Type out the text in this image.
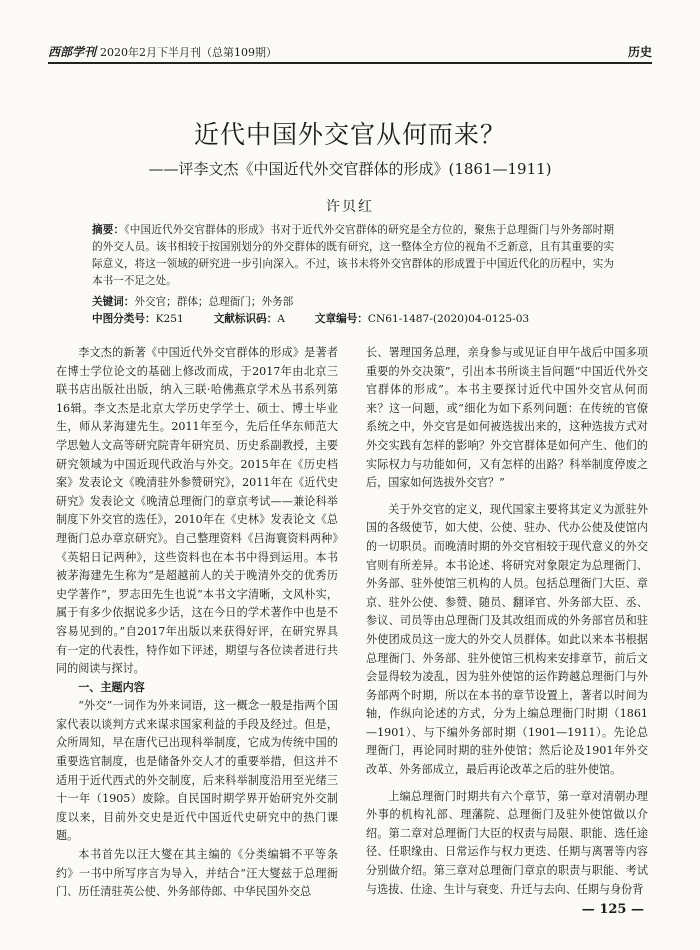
西部学刊 2020年2月下半月刊（总第109期）	历史
近代中国外交官从何而来？
——评李文杰《中国近代外交官群体的形成》(1861—1911)
许贝红
摘要：《中国近代外交官群体的形成》书对于近代外交官群体的研究是全方位的，聚焦于总理衙门与外务部时期的外交人员。该书相较于按国别划分的外交群体的既有研究，这一整体全方位的视角不乏新意，且有其重要的实际意义，将这一领域的研究进一步引向深入。不过，该书未将外交官群体的形成置于中国近代化的历程中，实为本书一不足之处。
关键词：外交官；群体；总理衙门；外务部
中图分类号：K251	文献标识码：A	文章编号：CN61-1487-(2020)04-0125-03

李文杰的新著《中国近代外交官群体的形成》是著者在博士学位论文的基础上修改而成，于2017年由北京三联书店出版社出版，纳入三联·哈佛燕京学术丛书系列第16辑。李文杰是北京大学历史学学士、硕士、博士毕业生，师从茅海建先生。2011年至今，先后任华东师范大学思勉人文高等研究院青年研究员、历史系副教授，主要研究领域为中国近现代政治与外交。2015年在《历史档案》发表论文《晚清驻外参赞研究》，2011年在《近代史研究》发表论文《晚清总理衙门的章京考试——兼论科举制度下外交官的选任》，2010年在《史林》发表论文《总理衙门总办章京研究》。自己整理资料《吕海寰资料两种》《英轺日记两种》，这些资料也在本书中得到运用。本书被茅海建先生称为“是超越前人的关于晚清外交的优秀历史学著作”，罗志田先生也说“本书文字清晰，文风朴实，属于有多少依据说多少话，这在今日的学术著作中也是不容易见到的。”自2017年出版以来获得好评，在研究界具有一定的代表性，特作如下评述，期望与各位读者进行共同的阅读与探讨。

一、主题内容

“外交”一词作为外来词语，这一概念一般是指两个国家代表以谈判方式来谋求国家利益的手段及经过。但是，众所周知，早在唐代已出现科举制度，它成为传统中国的重要选官制度，也是储备外交人才的重要举措，但这并不适用于近代西式的外交制度，后来科举制度沿用至光绪三十一年（1905）废除。自民国时期学界开始研究外交制度以来，目前外交史是近代中国近代史研究中的热门课题。

本书首先以汪大燮在其主编的《分类编辑不平等条约》一书中所写序言为导入，并结合“汪大燮兹于总理衙门、历任清驻英公使、外务部侍郎、中华民国外交总

长、署理国务总理，亲身参与或见证自甲午战后中国多项重要的外交决策”，引出本书所谈主旨问题“中国近代外交官群体的形成”。本书主要探讨近代中国外交官从何而来？这一问题，或“细化为如下系列问题：在传统的官僚系统之中，外交官是如何被选拔出来的，这种选拔方式对外交实践有怎样的影响？外交官群体是如何产生、他们的实际权力与功能如何，又有怎样的出路？科举制度停废之后，国家如何选拔外交官？”

关于外交官的定义，现代国家主要将其定义为派驻外国的各级使节，如大使、公使、驻办、代办公使及使馆内的一切职员。而晚清时期的外交官相较于现代意义的外交官则有所差异。本书论述、将研究对象限定为总理衙门、外务部、驻外使馆三机构的人员。包括总理衙门大臣、章京、驻外公使、参赞、随员、翻译官、外务部大臣、丞、参议、司员等由总理衙门及其改组而成的外务部官员和驻外使团成员这一庞大的外交人员群体。如此以来本书根据总理衙门、外务部、驻外使馆三机构来安排章节，前后文会显得较为凌乱，因为驻外使馆的运作跨越总理衙门与外务部两个时期，所以在本书的章节设置上，著者以时间为轴，作纵向论述的方式，分为上编总理衙门时期（1861—1901）、与下编外务部时期（1901—1911）。先论总理衙门，再论同时期的驻外使馆；然后论及1901年外交改革、外务部成立，最后再论改革之后的驻外使馆。

上编总理衙门时期共有六个章节，第一章对清朝办理外事的机构礼部、理藩院、总理衙门及驻外使馆做以介绍。第二章对总理衙门大臣的权责与局限、职能、选任途径、任职缘由、日常运作与权力更迭、任期与离署等内容分别做介绍。第三章对总理衙门章京的职责与职能、考试与选拔、仕途、生计与衰变、升迁与去向、任期与身份背

— 125 —
